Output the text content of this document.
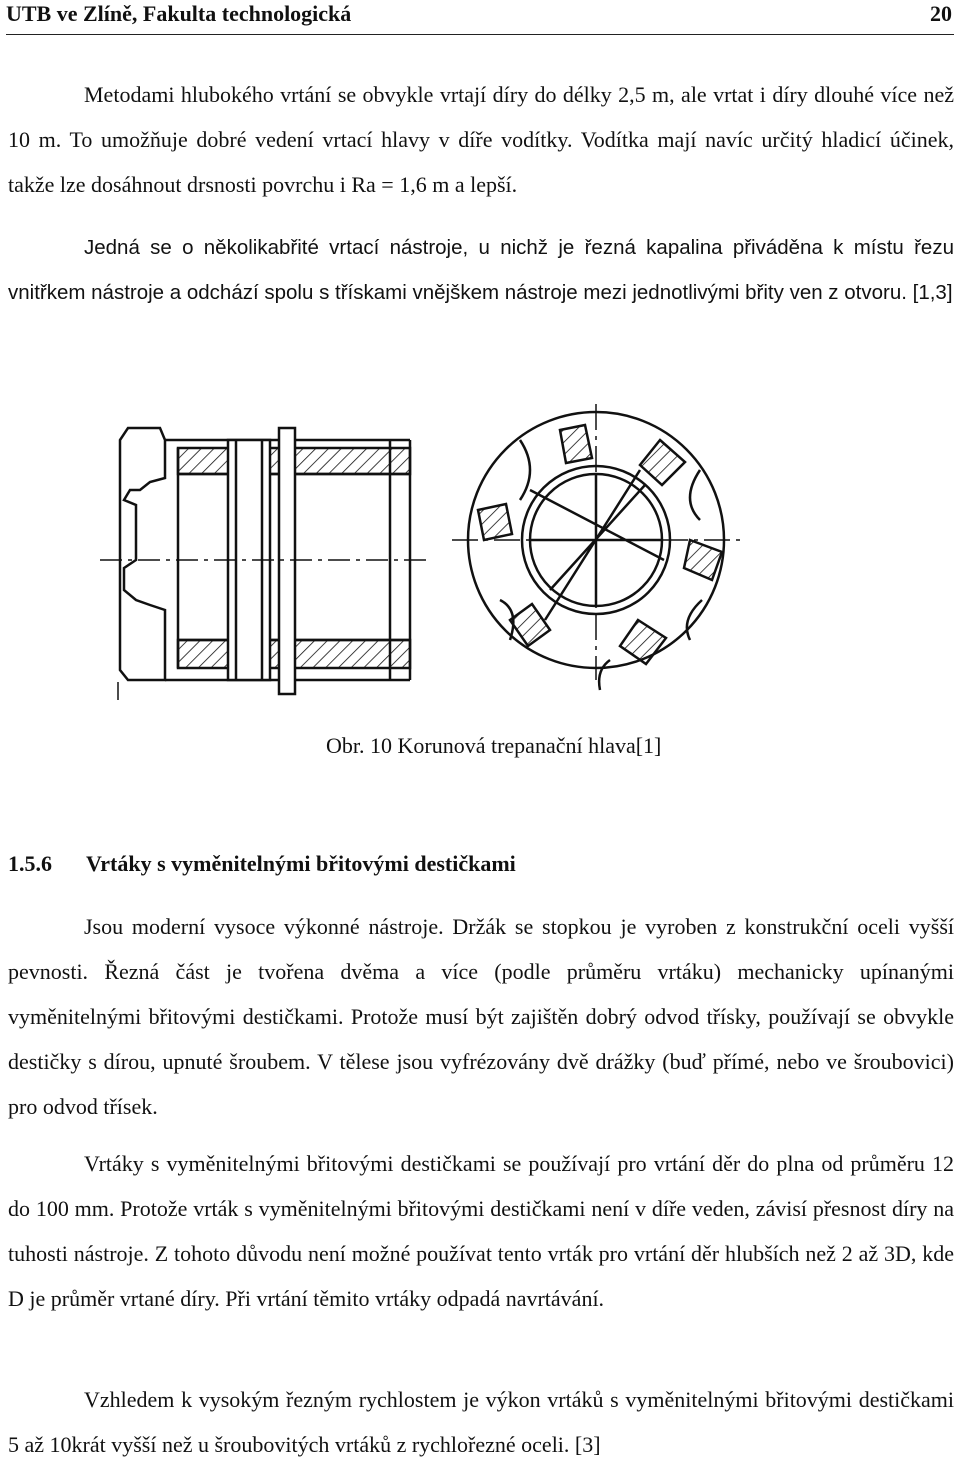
UTB ve Zlíně, Fakulta technologická	20

Metodami hlubokého vrtání se obvykle vrtají díry do délky 2,5 m, ale vrtat i díry dlouhé více než 10 m. To umožňuje dobré vedení vrtací hlavy v díře vodítky. Vodítka mají navíc určitý hladicí účinek, takže lze dosáhnout drsnosti povrchu i Ra = 1,6 m a lepší.

Jedná se o několikabřité vrtací nástroje, u nichž je řezná kapalina přiváděna k místu řezu vnitřkem nástroje a odchází spolu s třískami vnějškem nástroje mezi jednotlivými břity ven z otvoru. [1,3]

Obr. 10 Korunová trepanační hlava[1]
1.5.6 Vrtáky s vyměnitelnými břitovými destičkami

Jsou moderní vysoce výkonné nástroje. Držák se stopkou je vyroben z konstrukční oceli vyšší pevnosti. Řezná část je tvořena dvěma a více (podle průměru vrtáku) mechanicky upínanými vyměnitelnými břitovými destičkami. Protože musí být zajištěn dobrý odvod třísky, používají se obvykle destičky s dírou, upnuté šroubem. V tělese jsou vyfrézovány dvě drážky (buď přímé, nebo ve šroubovici) pro odvod třísek.

Vrtáky s vyměnitelnými břitovými destičkami se používají pro vrtání děr do plna od průměru 12 do 100 mm. Protože vrták s vyměnitelnými břitovými destičkami není v díře veden, závisí přesnost díry na tuhosti nástroje. Z tohoto důvodu není možné používat tento vrták pro vrtání děr hlubších než 2 až 3D, kde D je průměr vrtané díry. Při vrtání těmito vrtáky odpadá navrtávání.

Vzhledem k vysokým řezným rychlostem je výkon vrtáků s vyměnitelnými břitovými destičkami 5 až 10krát vyšší než u šroubovitých vrtáků z rychlořezné oceli. [3]
